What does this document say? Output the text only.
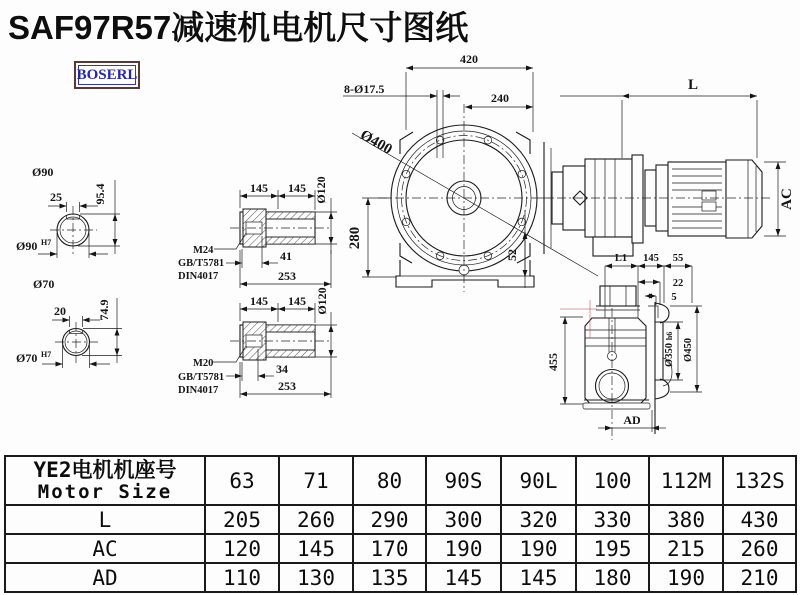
SAF97R57减速机电机尺寸图纸
BOSERL
Ø90
25	95.4
Ø90 H7
Ø70
20	74.9
Ø70 H7
145 145 Ø120
M24
GB/T5781
DIN4017
41
253
145 145 Ø120
M20
GB/T5781
DIN4017
34
253
Ø400
420
8-Ø17.5
240
280
52
L
AC
L1 145 55
22
5
455	Ø350
h6
Ø450
AD
YE2电机机座号
Motor Size	63	71	80	90S	90L	100	112M	132S
L	205	260	290	300	320	330	380	430
AC	120	145	170	190	190	195	215	260
AD	110	130	135	145	145	180	190	210
